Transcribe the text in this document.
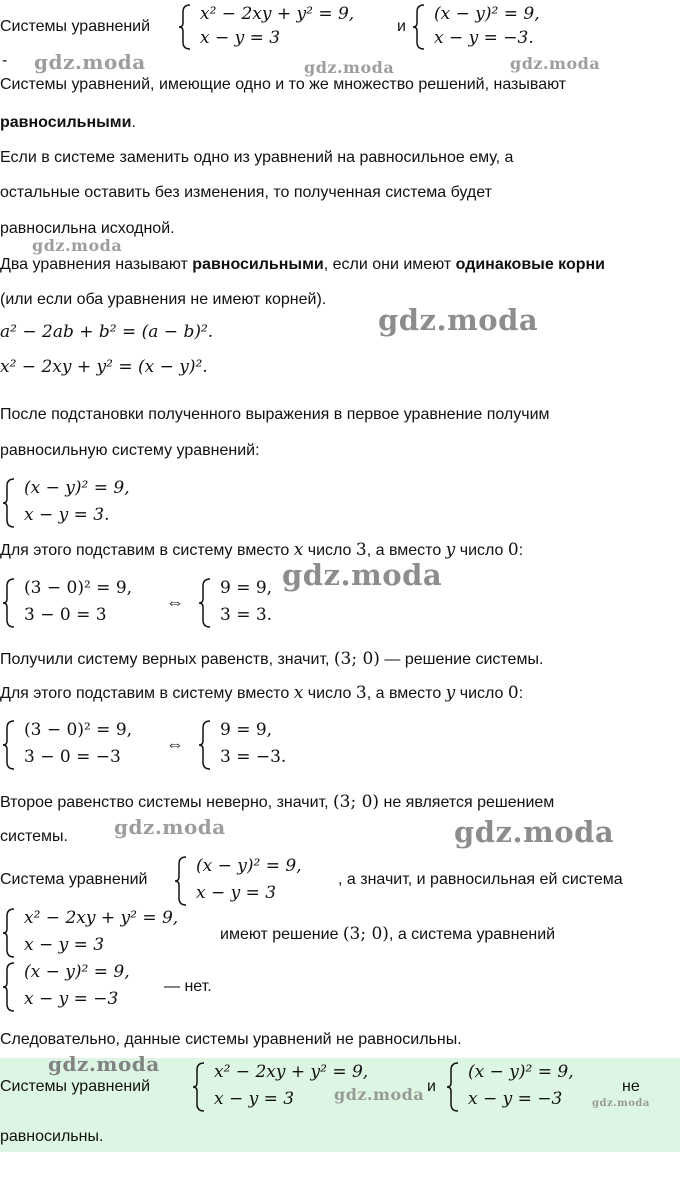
Системы уравнений
x² − 2xy + y² = 9,
x − y = 3
и
(x − y)² = 9,
x − y = −3.
-
Системы уравнений, имеющие одно и то же множество решений, называют
равносильными.
Если в системе заменить одно из уравнений на равносильное ему, а
остальные оставить без изменения, то полученная система будет
равносильна исходной.
Два уравнения называют равносильными, если они имеют одинаковые корни
(или если оба уравнения не имеют корней).
a² − 2ab + b² = (a − b)².
x² − 2xy + y² = (x − y)².
После подстановки полученного выражения в первое уравнение получим
равносильную систему уравнений:
(x − y)² = 9,
x − y = 3.
Для этого подставим в систему вместо x число 3, а вместо y число 0:
(3 − 0)² = 9,
3 − 0 = 3
⇔
9 = 9,
3 = 3.
Получили систему верных равенств, значит, (3; 0) — решение системы.
Для этого подставим в систему вместо x число 3, а вместо y число 0:
(3 − 0)² = 9,
3 − 0 = −3
⇔
9 = 9,
3 = −3.
Второе равенство системы неверно, значит, (3; 0) не является решением
системы.
Система уравнений
(x − y)² = 9,
x − y = 3
, а значит, и равносильная ей система
x² − 2xy + y² = 9,
x − y = 3
имеют решение (3; 0), а система уравнений
(x − y)² = 9,
x − y = −3
— нет.
Следовательно, данные системы уравнений не равносильны.
Системы уравнений
x² − 2xy + y² = 9,
x − y = 3
и
(x − y)² = 9,
x − y = −3
не
равносильны.
gdz.moda	gdz.moda	gdz.moda
gdz.moda
gdz.moda
gdz.moda
gdz.moda	gdz.moda
gdz.moda
gdz.moda	gdz.moda
